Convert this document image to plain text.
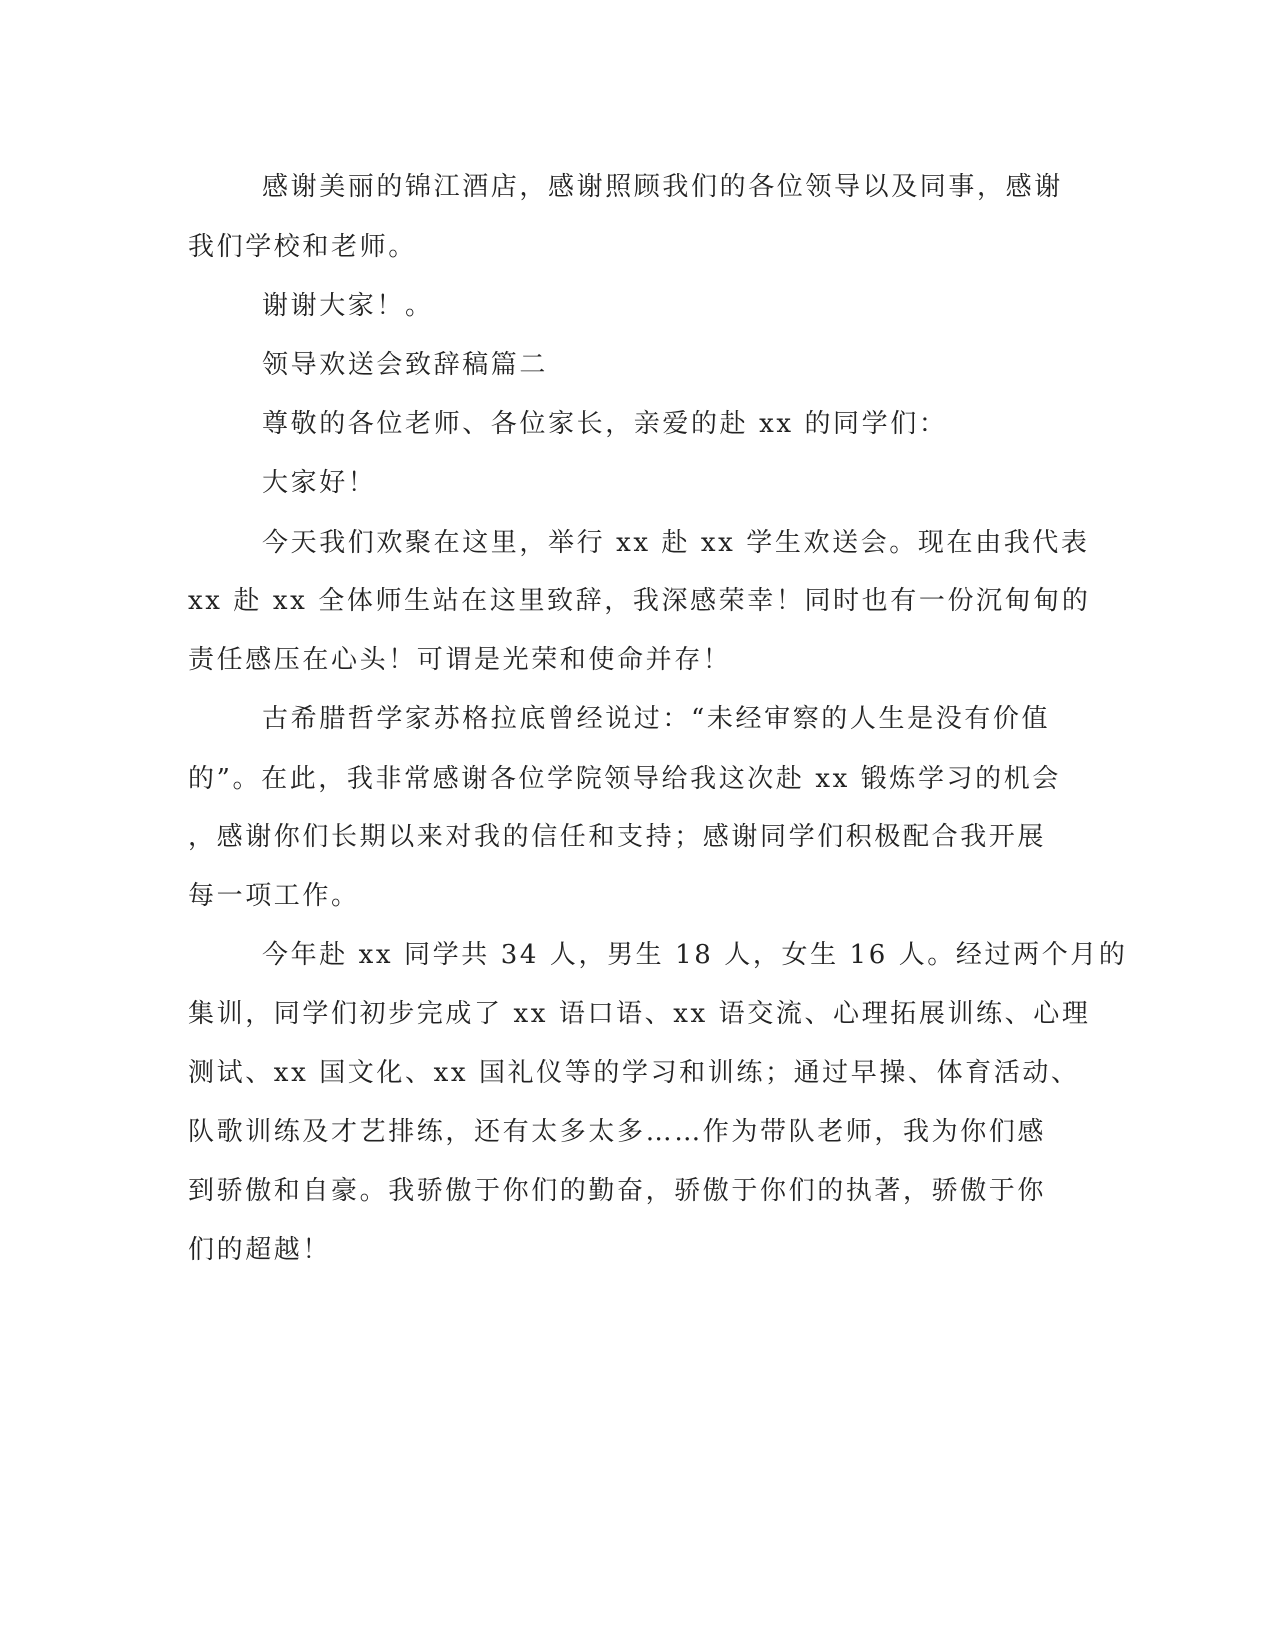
感谢美丽的锦江酒店，感谢照顾我们的各位领导以及同事，感谢

我们学校和老师。

谢谢大家！。

领导欢送会致辞稿篇二

尊敬的各位老师、各位家长，亲爱的赴 xx 的同学们：

大家好！

今天我们欢聚在这里，举行 xx 赴 xx 学生欢送会。现在由我代表

xx 赴 xx 全体师生站在这里致辞，我深感荣幸！同时也有一份沉甸甸的

责任感压在心头！可谓是光荣和使命并存！

古希腊哲学家苏格拉底曾经说过：“未经审察的人生是没有价值

的”。在此，我非常感谢各位学院领导给我这次赴 xx 锻炼学习的机会

，感谢你们长期以来对我的信任和支持；感谢同学们积极配合我开展

每一项工作。

今年赴 xx 同学共 34 人，男生 18 人，女生 16 人。经过两个月的

集训，同学们初步完成了 xx 语口语、xx 语交流、心理拓展训练、心理

测试、xx 国文化、xx 国礼仪等的学习和训练；通过早操、体育活动、

队歌训练及才艺排练，还有太多太多……作为带队老师，我为你们感

到骄傲和自豪。我骄傲于你们的勤奋，骄傲于你们的执著，骄傲于你

们的超越！
